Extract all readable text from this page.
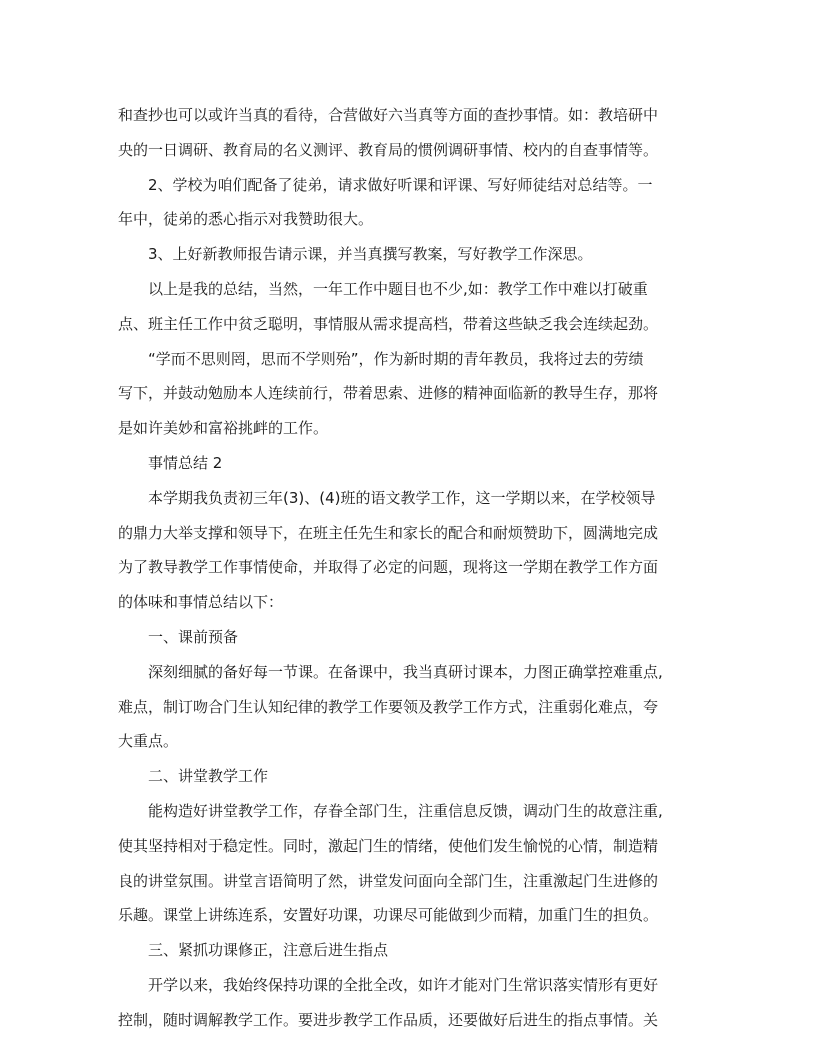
和查抄也可以或许当真的看待，合营做好六当真等方面的查抄事情。如：教培研中
央的一日调研、教育局的名义测评、教育局的惯例调研事情、校内的自查事情等。
2、学校为咱们配备了徒弟，请求做好听课和评课、写好师徒结对总结等。一
年中，徒弟的悉心指示对我赞助很大。
3、上好新教师报告请示课，并当真撰写教案，写好教学工作深思。
以上是我的总结，当然，一年工作中题目也不少,如：教学工作中难以打破重
点、班主任工作中贫乏聪明，事情服从需求提高档，带着这些缺乏我会连续起劲。
“学而不思则罔，思而不学则殆”，作为新时期的青年教员，我将过去的劳绩
写下，并鼓动勉励本人连续前行，带着思索、进修的精神面临新的教导生存，那将
是如许美妙和富裕挑衅的工作。
事情总结 2
本学期我负责初三年(3)、(4)班的语文教学工作，这一学期以来，在学校领导
的鼎力大举支撑和领导下，在班主任先生和家长的配合和耐烦赞助下，圆满地完成
为了教导教学工作事情使命，并取得了必定的问题，现将这一学期在教学工作方面
的体味和事情总结以下：
一、课前预备
深刻细腻的备好每一节课。在备课中，我当真研讨课本，力图正确掌控难重点,
难点，制订吻合门生认知纪律的教学工作要领及教学工作方式，注重弱化难点，夸
大重点。
二、讲堂教学工作
能构造好讲堂教学工作，存眷全部门生，注重信息反馈，调动门生的故意注重,
使其坚持相对于稳定性。同时，激起门生的情绪，使他们发生愉悦的心情，制造精
良的讲堂氛围。讲堂言语简明了然，讲堂发问面向全部门生，注重激起门生进修的
乐趣。课堂上讲练连系，安置好功课，功课尽可能做到少而精，加重门生的担负。
三、紧抓功课修正，注意后进生指点
开学以来，我始终保持功课的全批全改，如许才能对门生常识落实情形有更好
控制，随时调解教学工作。要进步教学工作品质，还要做好后进生的指点事情。关
